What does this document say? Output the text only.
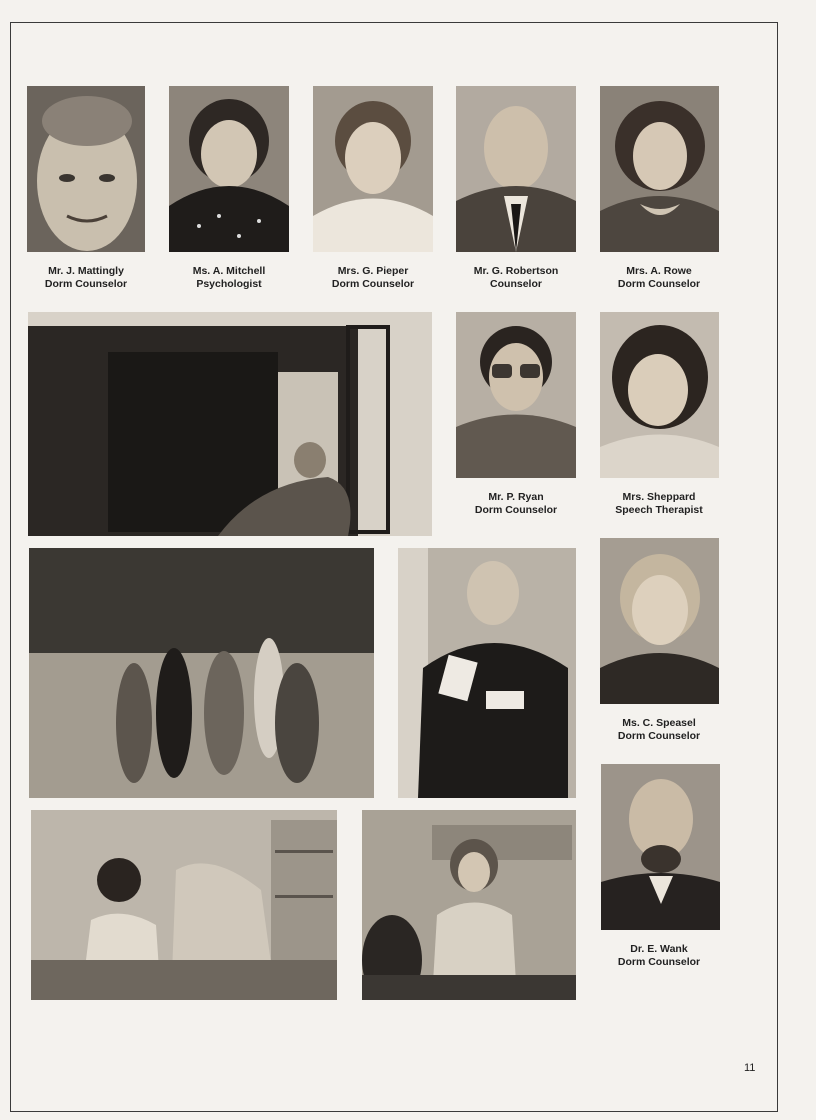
Mr. J. Mattingly
Dorm Counselor
Ms. A. Mitchell
Psychologist
Mrs. G. Pieper
Dorm Counselor
Mr. G. Robertson
Counselor
Mrs. A. Rowe
Dorm Counselor
Mr. P. Ryan
Dorm Counselor
Mrs. Sheppard
Speech Therapist
Ms. C. Speasel
Dorm Counselor
Dr. E. Wank
Dorm Counselor
11
